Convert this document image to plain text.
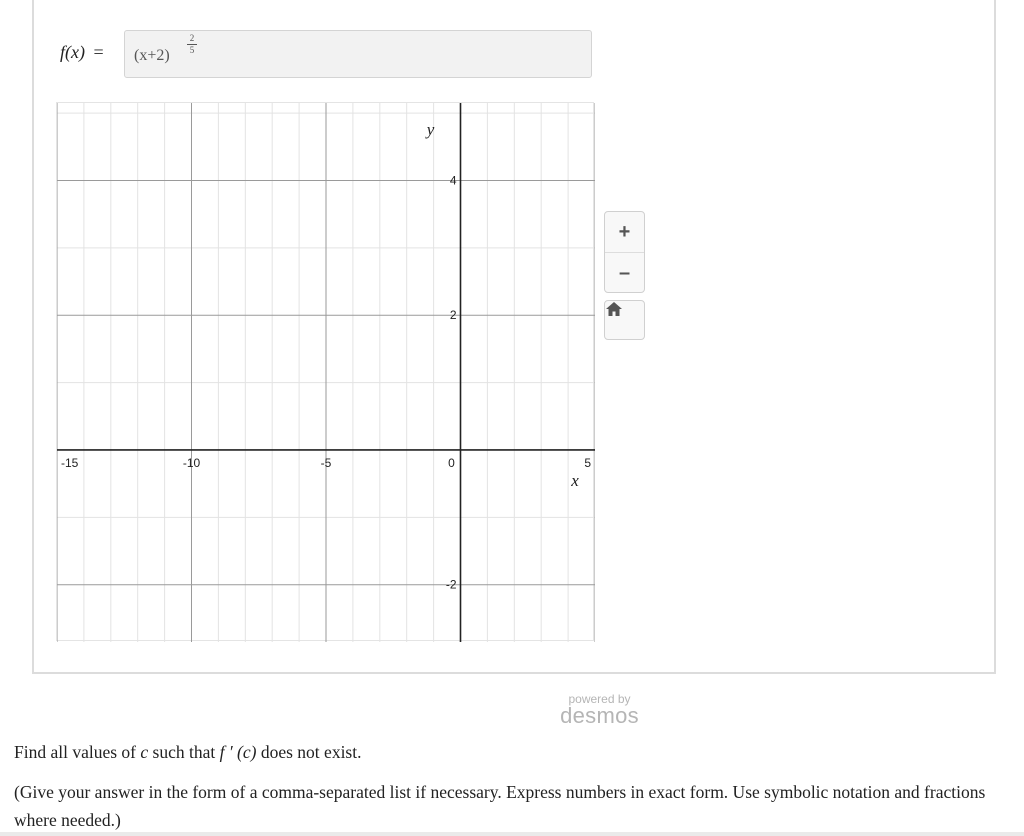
f(x) = (x+2)
2
5
-15	-10	-5	0	5
4
2
-2
y
x
+
–
powered by
desmos

Find all values of c such that f ′ (c) does not exist.

(Give your answer in the form of a comma-separated list if necessary. Express numbers in exact form. Use symbolic notation and fractions where needed.)
